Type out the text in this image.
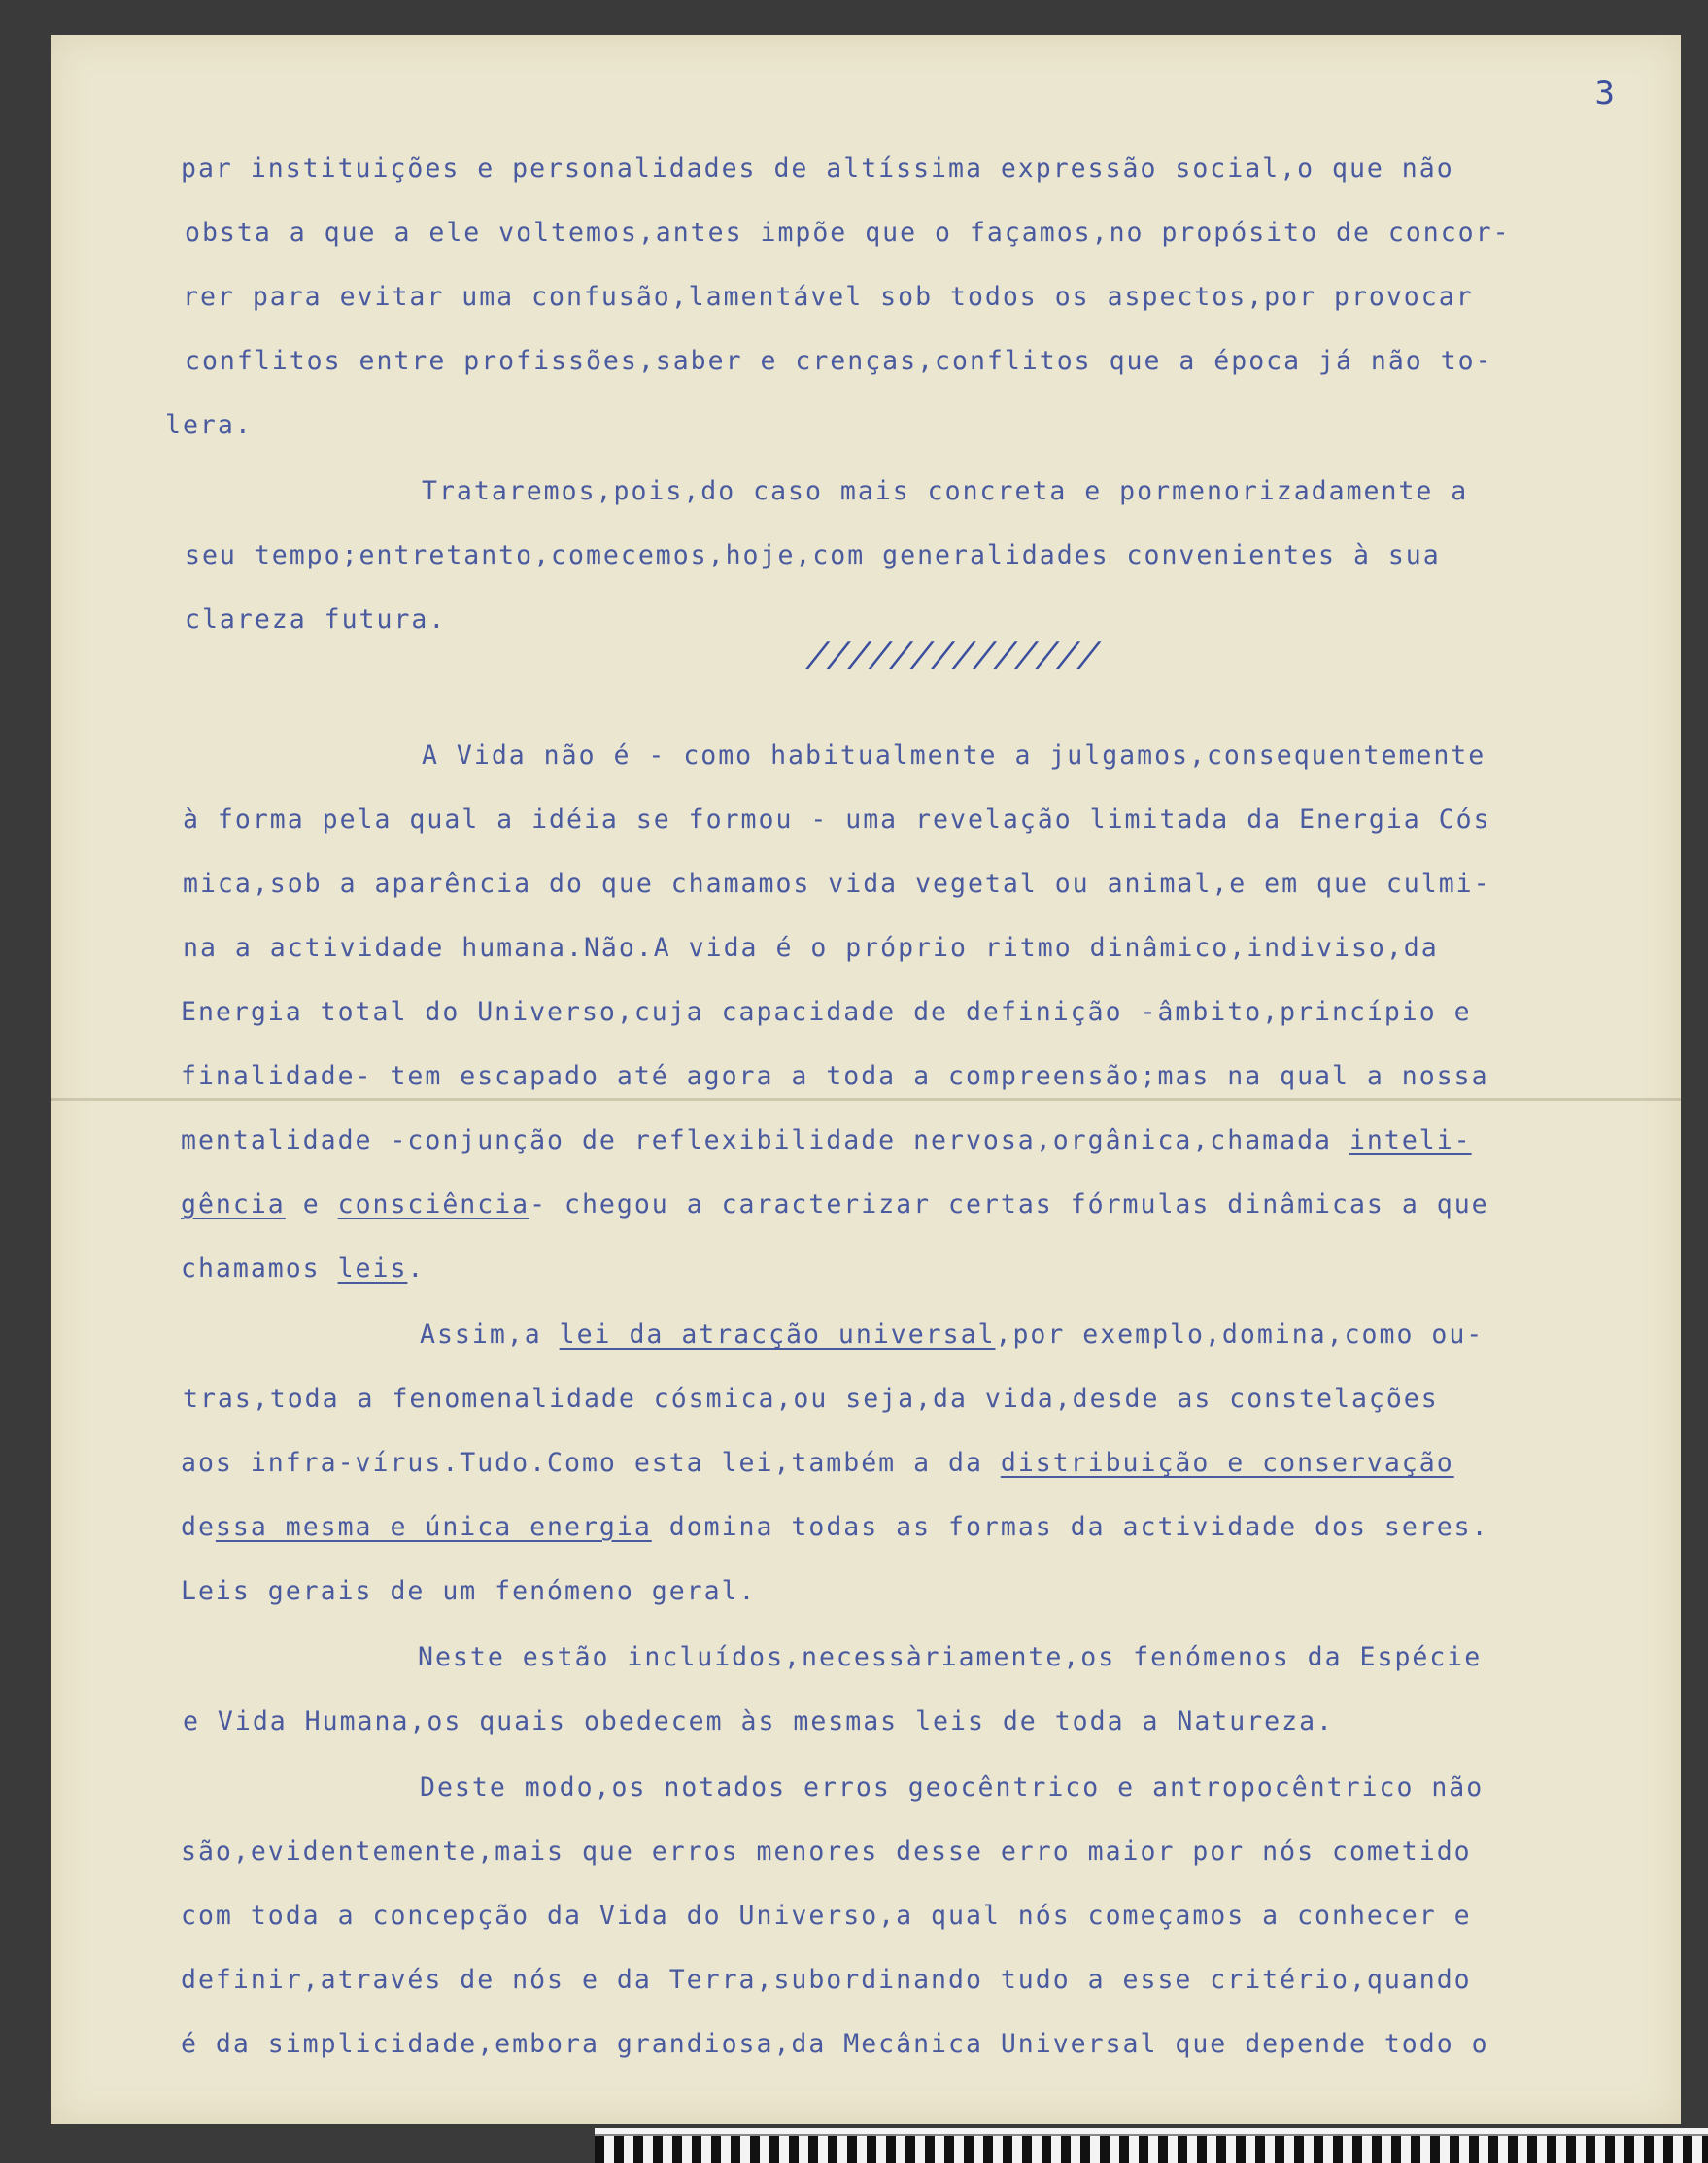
3

par instituições e personalidades de altíssima expressão social,o que não

obsta a que a ele voltemos,antes impõe que o façamos,no propósito de concor-

rer para evitar uma confusão,lamentável sob todos os aspectos,por provocar

conflitos entre profissões,saber e crenças,conflitos que a época já não to-

lera.

Trataremos,pois,do caso mais concreta e pormenorizadamente a

seu tempo;entretanto,comecemos,hoje,com generalidades convenientes à sua

clareza futura.

A Vida não é - como habitualmente a julgamos,consequentemente

à forma pela qual a idéia se formou - uma revelação limitada da Energia Cós

mica,sob a aparência do que chamamos vida vegetal ou animal,e em que culmi-

na a actividade humana.Não.A vida é o próprio ritmo dinâmico,indiviso,da

Energia total do Universo,cuja capacidade de definição -âmbito,princípio e

finalidade- tem escapado até agora a toda a compreensão;mas na qual a nossa

mentalidade -conjunção de reflexibilidade nervosa,orgânica,chamada inteli-

gência e consciência- chegou a caracterizar certas fórmulas dinâmicas a que

chamamos leis.

Assim,a lei da atracção universal,por exemplo,domina,como ou-

tras,toda a fenomenalidade cósmica,ou seja,da vida,desde as constelações

aos infra-vírus.Tudo.Como esta lei,também a da distribuição e conservação

dessa mesma e única energia domina todas as formas da actividade dos seres.

Leis gerais de um fenómeno geral.

Neste estão incluídos,necessàriamente,os fenómenos da Espécie

e Vida Humana,os quais obedecem às mesmas leis de toda a Natureza.

Deste modo,os notados erros geocêntrico e antropocêntrico não

são,evidentemente,mais que erros menores desse erro maior por nós cometido

com toda a concepção da Vida do Universo,a qual nós começamos a conhecer e

definir,através de nós e da Terra,subordinando tudo a esse critério,quando

é da simplicidade,embora grandiosa,da Mecânica Universal que depende todo o

//////////////
